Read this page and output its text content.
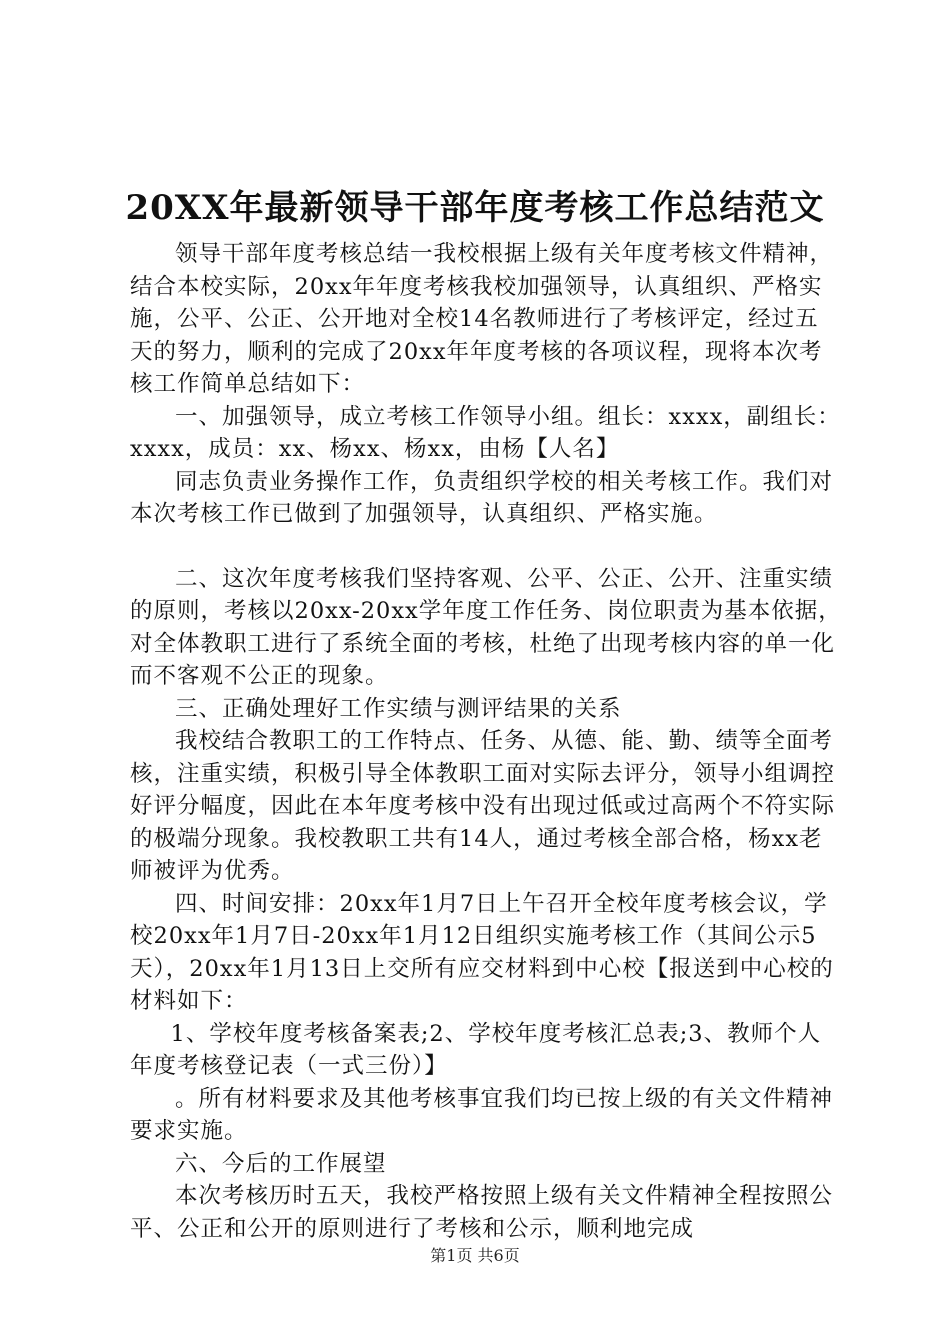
20XX年最新领导干部年度考核工作总结范文

领导干部年度考核总结一我校根据上级有关年度考核文件精神，结合本校实际，20xx年年度考核我校加强领导，认真组织、严格实施，公平、公正、公开地对全校14名教师进行了考核评定，经过五天的努力，顺利的完成了20xx年年度考核的各项议程，现将本次考核工作简单总结如下：

一、加强领导，成立考核工作领导小组。组长：xxxx，副组长：xxxx，成员：xx、杨xx、杨xx，由杨【人名】

同志负责业务操作工作，负责组织学校的相关考核工作。我们对本次考核工作已做到了加强领导，认真组织、严格实施。

二、这次年度考核我们坚持客观、公平、公正、公开、注重实绩的原则，考核以20xx-20xx学年度工作任务、岗位职责为基本依据，对全体教职工进行了系统全面的考核，杜绝了出现考核内容的单一化而不客观不公正的现象。

三、正确处理好工作实绩与测评结果的关系

我校结合教职工的工作特点、任务、从德、能、勤、绩等全面考核，注重实绩，积极引导全体教职工面对实际去评分，领导小组调控好评分幅度，因此在本年度考核中没有出现过低或过高两个不符实际的极端分现象。我校教职工共有14人，通过考核全部合格，杨xx老师被评为优秀。

四、时间安排：20xx年1月7日上午召开全校年度考核会议，学校20xx年1月7日-20xx年1月12日组织实施考核工作（其间公示5天），20xx年1月13日上交所有应交材料到中心校【报送到中心校的材料如下：

1、学校年度考核备案表;2、学校年度考核汇总表;3、教师个人年度考核登记表（一式三份）】

。所有材料要求及其他考核事宜我们均已按上级的有关文件精神要求实施。

六、今后的工作展望

本次考核历时五天，我校严格按照上级有关文件精神全程按照公平、公正和公开的原则进行了考核和公示，顺利地完成

第1页 共6页
